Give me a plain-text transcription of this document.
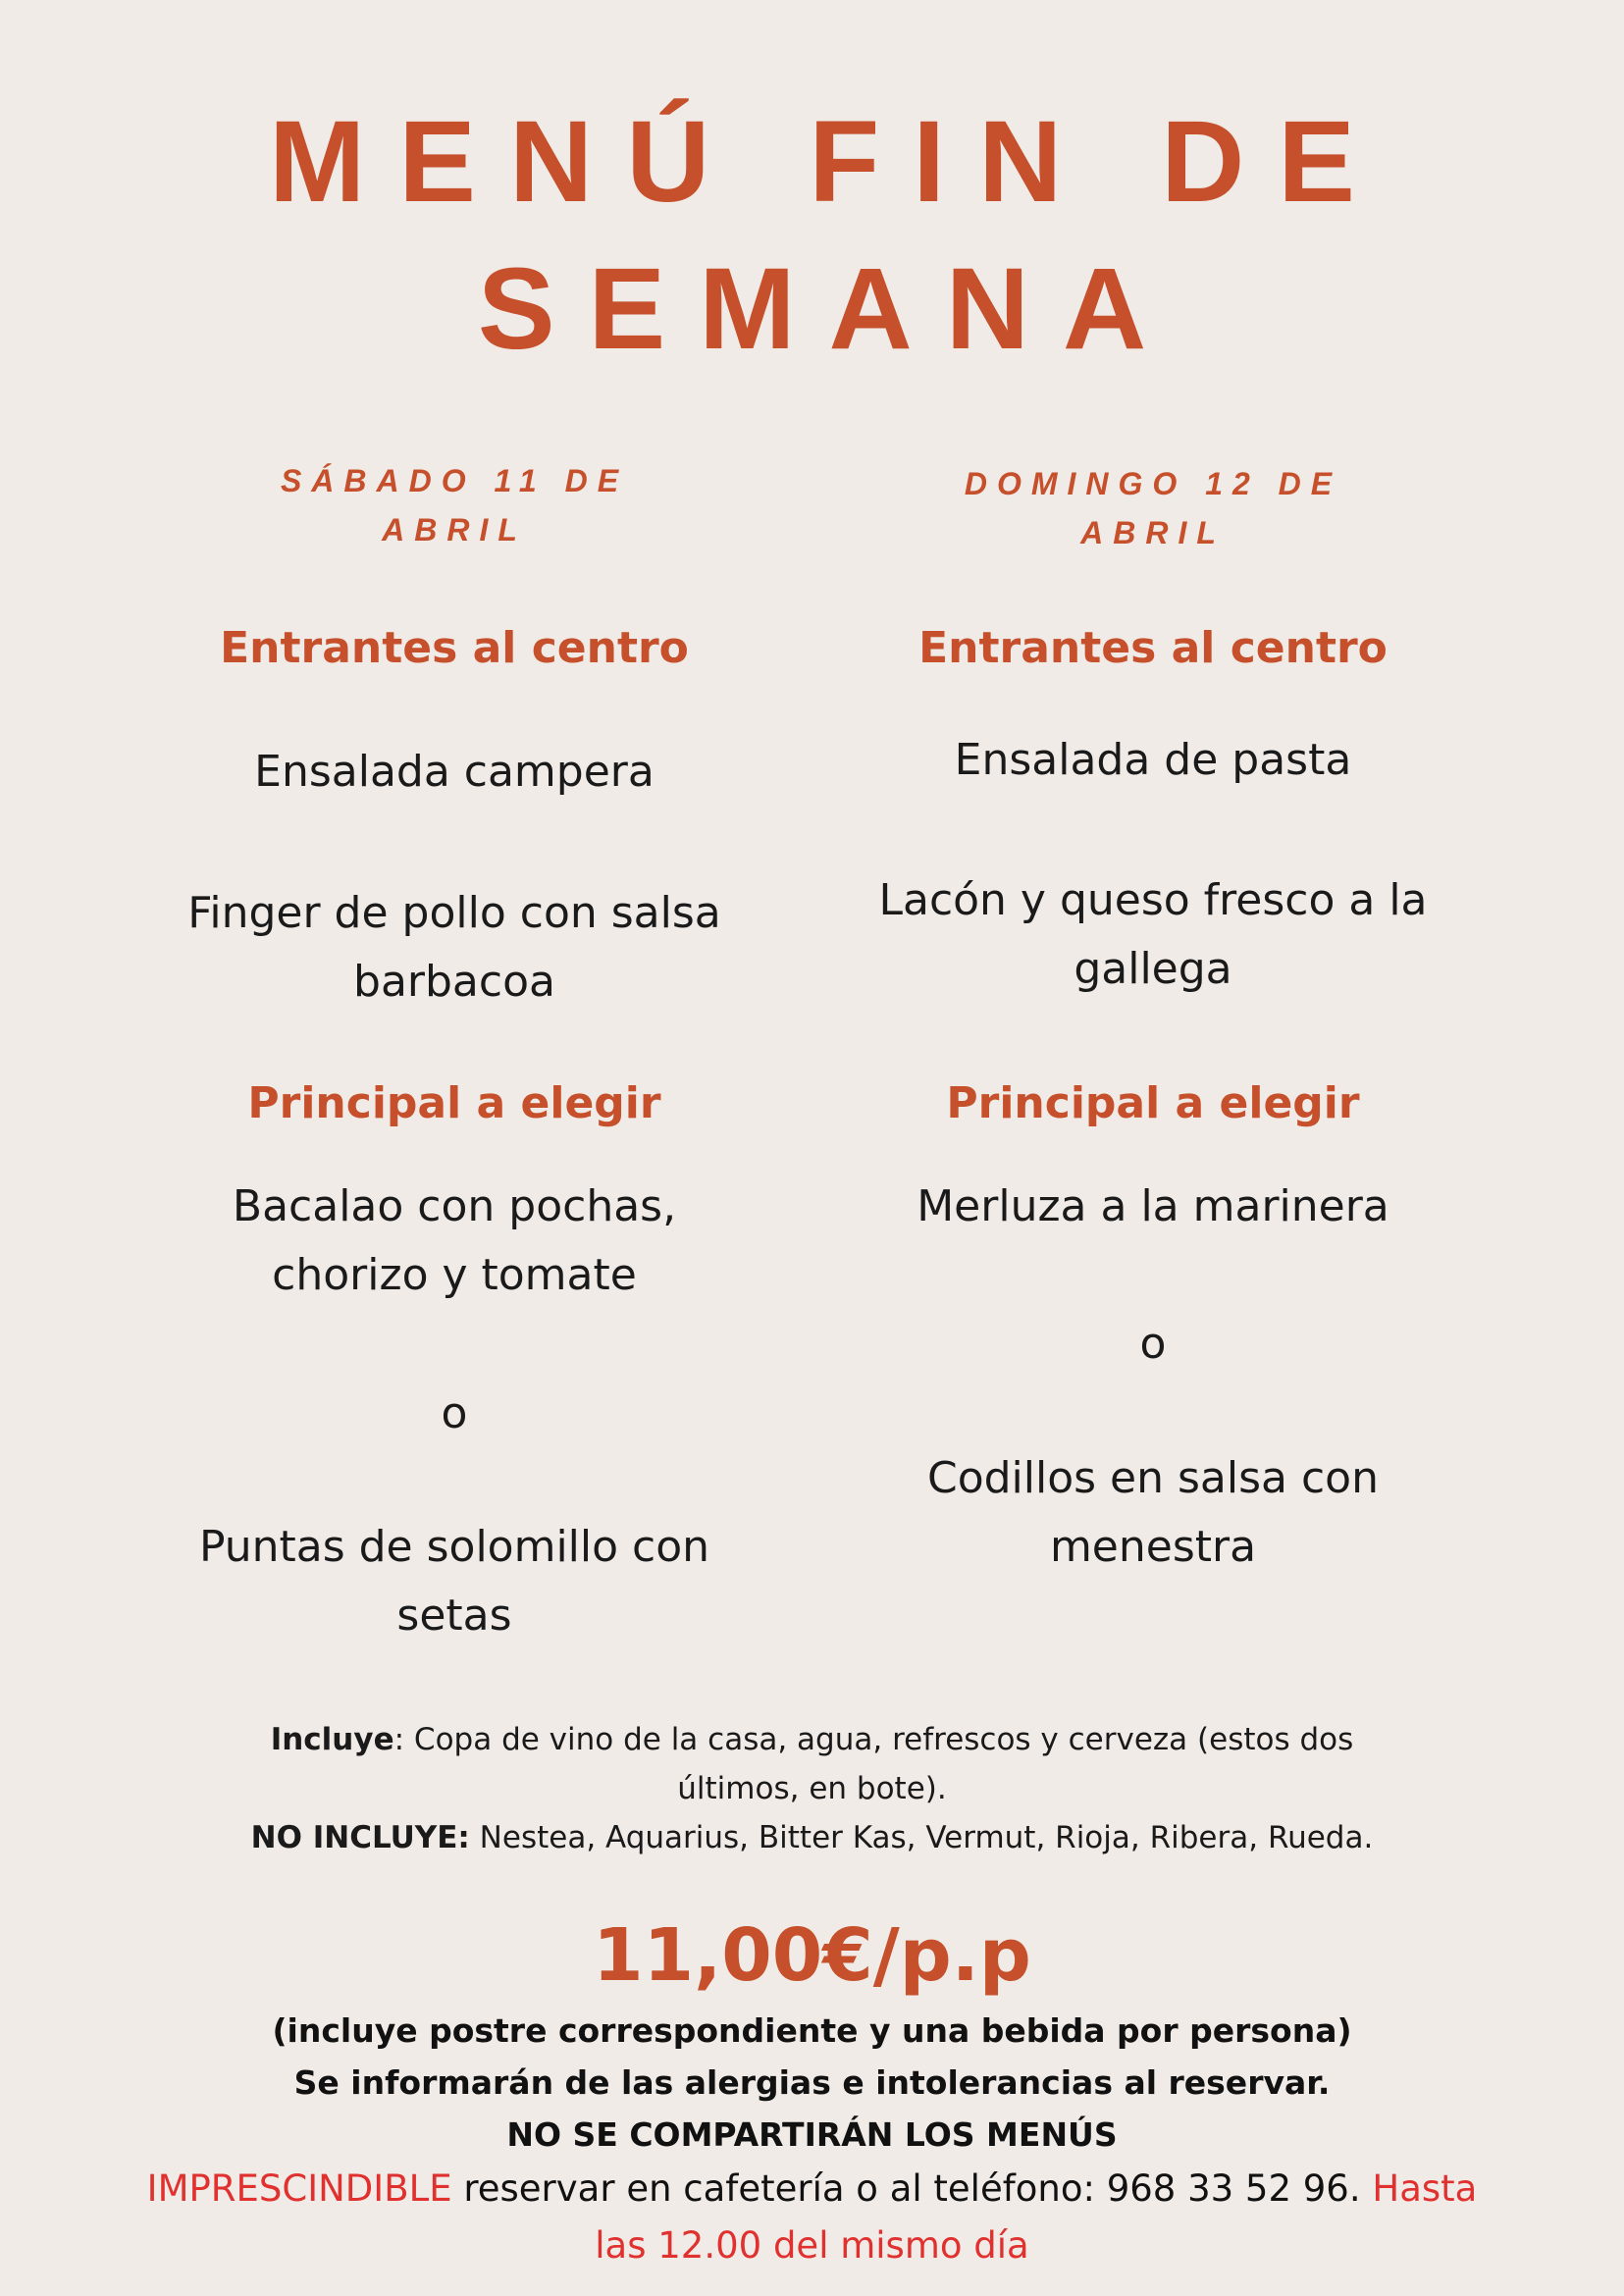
MENÚ FIN DE
SEMANA
SÁBADO 11 DE
ABRIL
Entrantes al centro
Ensalada campera
Finger de pollo con salsa
barbacoa
Principal a elegir
Bacalao con pochas,
chorizo y tomate
o
Puntas de solomillo con
setas
DOMINGO 12 DE
ABRIL
Entrantes al centro
Ensalada de pasta
Lacón y queso fresco a la
gallega
Principal a elegir
Merluza a la marinera
o
Codillos en salsa con
menestra
Incluye: Copa de vino de la casa, agua, refrescos y cerveza (estos dos
últimos, en bote).
NO INCLUYE: Nestea, Aquarius, Bitter Kas, Vermut, Rioja, Ribera, Rueda.
11,00€/p.p
(incluye postre correspondiente y una bebida por persona)
Se informarán de las alergias e intolerancias al reservar.
NO SE COMPARTIRÁN LOS MENÚS
IMPRESCINDIBLE reservar en cafetería o al teléfono: 968 33 52 96. Hasta
las 12.00 del mismo día
